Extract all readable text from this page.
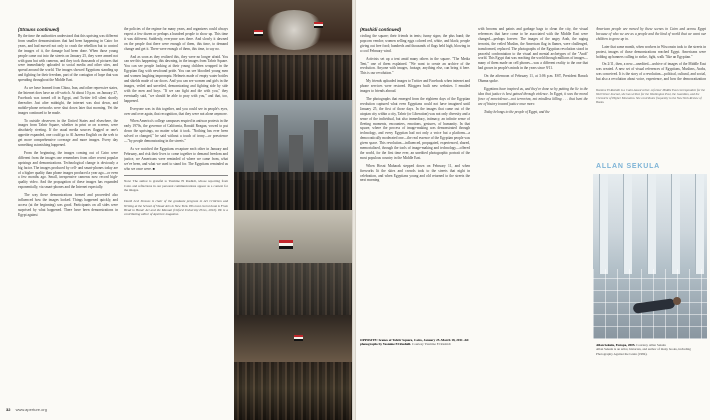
(Strauss continued)

By the time the authorities understood that this uprising was different from smaller demonstrations that had been happening in Cairo for years, and had moved not only to crush the rebellion but to control the images of it, the damage had been done. When those young people came out into the streets on January 25, they were armed not with guns but with cameras, and they took thousands of pictures that were immediately uploaded to social media and other sites, and spread around the world. The images showed Egyptians standing up and fighting for their freedom, part of the contagion of hope that was spreading throughout the Middle East.

As we have learned from China, Iran, and other repressive states, the Internet does have an off-switch. At about 10 p.m. on January 27, Facebook was turned off in Egypt, and Twitter fell silent shortly thereafter. Just after midnight, the internet was shut down, and mobile-phone networks were shut down later that morning. Yet the images continued to be made.

To outside observers in the United States and elsewhere, the images from Tahrir Square, whether in print or on screens, were absolutely riveting. If the usual media sources flagged or one's appetite expanded, one could go to Al Jazeera English on the web to get more comprehensive coverage and more images. Every day something astonishing happened.

From the beginning, the images coming out of Cairo were different from the images one remembers from other recent popular uprisings and demonstrations. Technological change is obviously a big factor. The images produced by cell- and smart-phones today are of a higher quality than phone images produced a year ago—or even a few months ago. Small, inexpensive cameras now record high-quality video. And the propagation of these images has expanded exponentially, via smart-phones and the Internet especially.

The way these demonstrations formed and proceeded also influenced how the images looked. Things happened quickly, and access (at the beginning) was good. Participants on all sides were surprised by what happened. There have been demonstrations in Egypt against

the policies of the regime for many years, and organizers could always expect a few dozen or perhaps a hundred people to show up. This time it was different. Suddenly, everyone was there. And slowly it dawned on the people that there were enough of them, this time, to demand change and get it. There were enough of them, this time, to say no.

And as soon as they realized this, they were no longer afraid. You can see this happening; this dawning, in the images from Tahrir Square. You can see people looking at their young children wrapped in the Egyptian flag with newfound pride. You can see bloodied young men and women laughing impromptu. Helmets made of empty water bottles and shields made of car doors. And you can see women and girls in the images, veiled and unveiled, demonstrating and fighting side by side with the men and boys. "If we can fight and die with you," they eventually said, "we should be able to pray with you," and that, too, happened.

Everyone was in this together, and you could see in people's eyes, over and over again, that recognition, that they were not alone anymore.

When America's college campuses erupted in antiwar protests in the early 1970s, the governor of California, Ronald Reagan, vowed to put down the uprisings, no matter what it took. "Nothing has ever been solved or changed," he said without a touch of irony—or prescience—"by people demonstrating in the streets."

As we watched the Egyptians recapture each other in January and February, and risk their lives to come together to demand freedom and justice, we Americans were reminded of where we came from, what we've been, and what we used to stand for. The Egyptians reminded us who we once were. ■

Note: The author is grateful to Yasmine El Rashidi, whose reporting from Cairo and reflections in our personal communications appear as a context for the images.
David Levi Strauss is chair of the graduate program in Art Criticism and Writing at the School of Visual Arts in New York. His most recent book is From Head to Hand: Art and the Manual (Oxford University Press, 2010). He is a contributing editor of Aperture magazine.
32 www.aperture.org
(Rashidi continued)

circling the square; their friends in tents; funny signs; the plus band; the popcorn vendor; women selling eggs colored red, white, and black; people giving out free food; hundreds and thousands of flags held high, blowing in a cool February wind.

Activists set up a tent amid many others in the square. "The Media Tent," one of them explained. "We want to create an archive of the revolution. Anyone with images, footage, anything else, can bring it here. This is our revolution."

My friends uploaded images to Twitter and Facebook when internet and phone services were restored. Bloggers built new websites. I emailed images to friends abroad.

The photographs that emerged from the eighteen days of the Egyptian revolution captured what even Egyptians could not have imagined until January 25, the first of those days. In the images that came out of the utopian city within a city, Tahrir (or Liberation) was not only diversity and a sense of the individual, but also immediacy, intimacy, an infinite sense of fleeting moments, encounters, emotions, gestures, of humanity. In that square, where the process of image-making was demonstrated through technology, and every Egyptian had not only a voice but a platform—a democratically moderated one—the real essence of the Egyptian people was given space. This revolution—influenced, propagated, experienced, shared, memorialized, through the tools of image-making and technology—offered the world, for the first time ever, an unedited photographic portrait of the most populous country in the Middle East.

When Hosni Mubarak stepped down on February 11, and when fireworks lit the skies and crowds took to the streets that night in celebration, and when Egyptians young and old returned to the streets the next morning

OPPOSITE: Scenes of Tahrir Square, Cairo, January 25–March 18, 2011. All photographs by Yasmine El Rashidi. Courtesy Yasmine El Rashidi

with brooms and paints and garbage bags to clean the city, the visual references that have come to be associated with the Middle East were changed—perhaps forever. The images of the angry Arab, the raging terrorist, the veiled Muslim, the American flag in flames, were challenged, transformed, replaced. The photographs of the Egyptian revolution stood in peaceful confrontation to the visual and mental archetypes of the "Arab" world. This Egypt that was reaching the world through millions of images—many of them made on cell phones—was a different reality to the one that had grown in people's minds in the years since 9/11.

On the afternoon of February 11, at 3:06 p.m. EST, President Barack Obama spoke.

Egyptians have inspired us, and they've done so by putting the lie to the idea that justice is best gained through violence. In Egypt, it was the moral force of nonviolence—not terrorism, not mindless killing . . . that bent the arc of history toward justice once more.

Today belongs to the people of Egypt, and the

American people are moved by these scenes in Cairo and across Egypt because of who we are as a people and the kind of world that we want our children to grow up in.

Later that same month, when workers in Wisconsin took to the streets in protest, images of those demonstrations reached Egypt. Americans were holding up banners calling to strike, fight, walk "like an Egyptian."

On 2/11, then, a new—unedited—archive of images of the Middle East was created. A new set of visual references of Egyptians, Muslims, Arabs, was conceived. It is the story of a revolution—political, cultural, and social, but also a revolution about voice, experience, and how the democratization

Yasmine El Rashidi is a Cairo-based writer. A former Middle East correspondent for the Wall Street Journal, she has written for the Washington Post, the Guardian, and the Chronicle of Higher Education. She contributes frequently to the New York Review of Books.
ALLAN SEKULA
Allan Sekula, Europa, 2005. Courtesy Allan Sekula
Allan Sekula is an artist, historian, and author of many books, including Photography Against the Grain (1984).
